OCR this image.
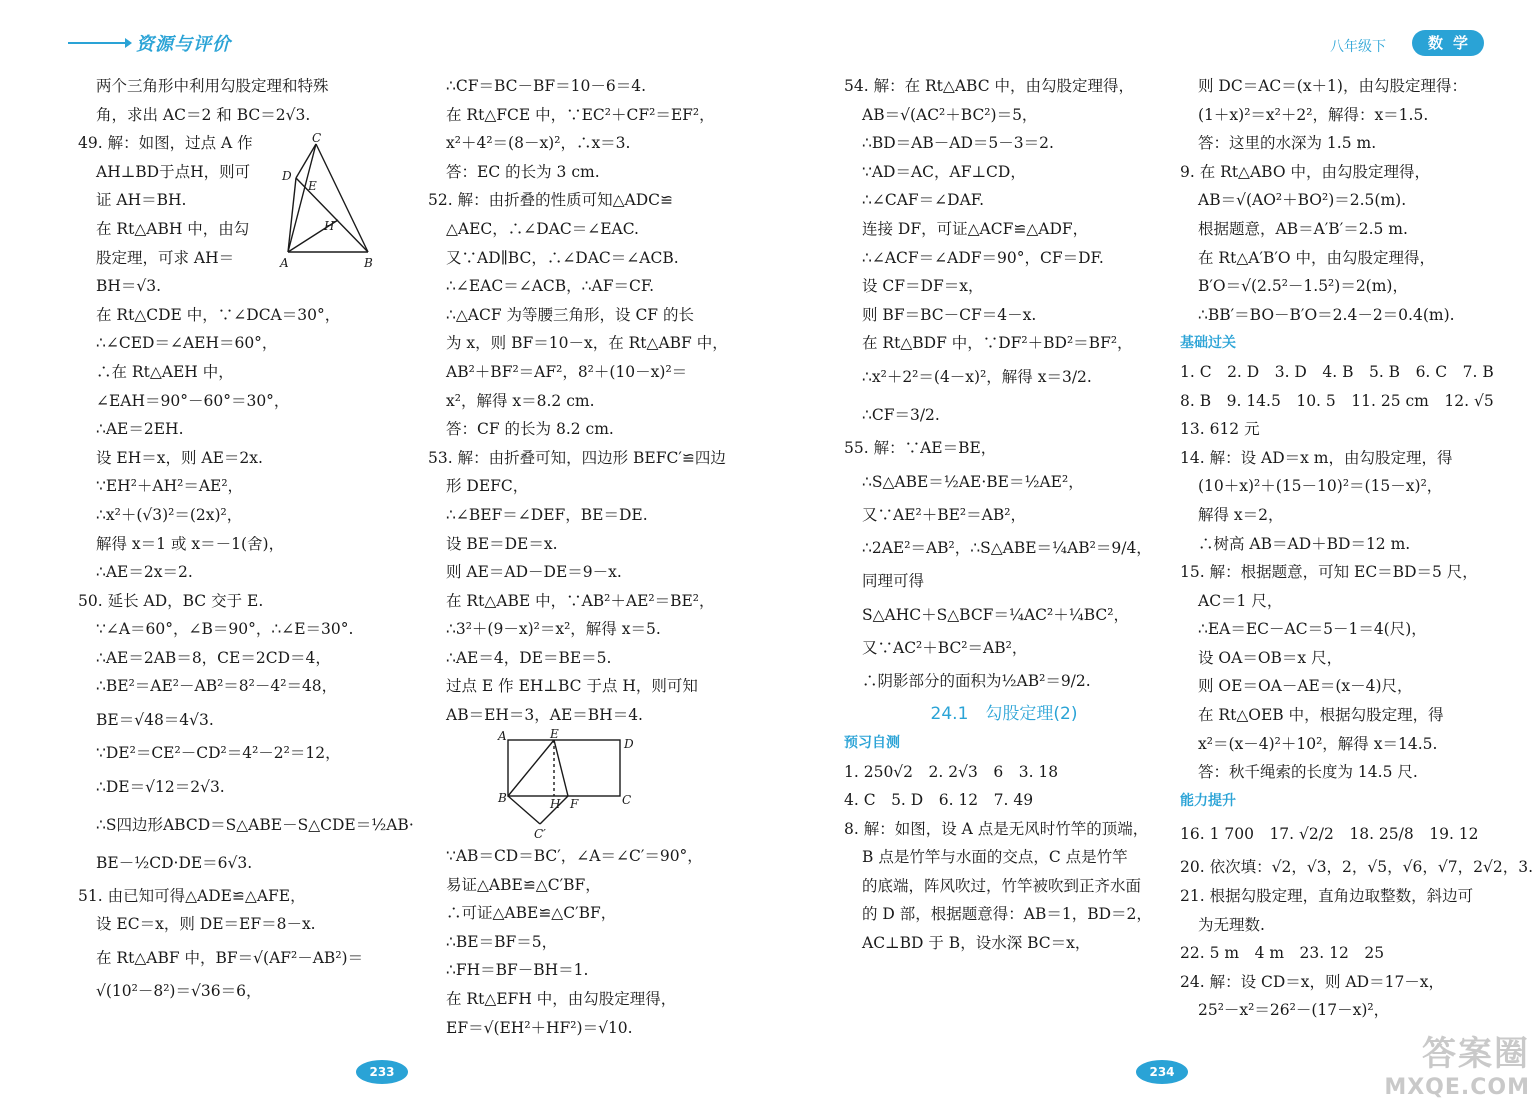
资源与评价
两个三角形中利用勾股定理和特殊
角，求出 AC＝2 和 BC＝2√3.
49. 解：如图，过点 A 作
AH⊥BD于点H，则可
证 AH＝BH.
在 Rt△ABH 中，由勾
股定理，可求 AH＝
BH＝√3.
在 Rt△CDE 中，∵∠DCA＝30°，
∴∠CED＝∠AEH＝60°，
∴在 Rt△AEH 中，
∠EAH＝90°－60°＝30°，
∴AE＝2EH.
设 EH＝x，则 AE＝2x.
∵EH²＋AH²＝AE²，
∴x²＋(√3)²＝(2x)²，
解得 x＝1 或 x＝－1(舍)，
∴AE＝2x＝2.
50. 延长 AD，BC 交于 E.
∵∠A＝60°，∠B＝90°，∴∠E＝30°.
∴AE＝2AB＝8，CE＝2CD＝4，
∴BE²＝AE²－AB²＝8²－4²＝48，
BE＝√48＝4√3.
∵DE²＝CE²－CD²＝4²－2²＝12，
∴DE＝√12＝2√3.
∴S四边形ABCD＝S△ABE－S△CDE＝½AB·
BE－½CD·DE＝6√3.
51. 由已知可得△ADE≌△AFE，
设 EC＝x，则 DE＝EF＝8－x.
在 Rt△ABF 中，BF＝√(AF²－AB²)＝
√(10²－8²)＝√36＝6，
A	B
C
D
E
H
∴CF＝BC－BF＝10－6＝4.
在 Rt△FCE 中，∵EC²＋CF²＝EF²，
x²＋4²＝(8－x)²，∴x＝3.
答：EC 的长为 3 cm.
52. 解：由折叠的性质可知△ADC≌
△AEC，∴∠DAC＝∠EAC.
又∵AD∥BC，∴∠DAC＝∠ACB.
∴∠EAC＝∠ACB，∴AF＝CF.
∴△ACF 为等腰三角形，设 CF 的长
为 x，则 BF＝10－x，在 Rt△ABF 中，
AB²＋BF²＝AF²，8²＋(10－x)²＝
x²，解得 x＝8.2 cm.
答：CF 的长为 8.2 cm.
53. 解：由折叠可知，四边形 BEFC′≌四边
形 DEFC，
∴∠BEF＝∠DEF，BE＝DE.
设 BE＝DE＝x.
则 AE＝AD－DE＝9－x.
在 Rt△ABE 中，∵AB²＋AE²＝BE²，
∴3²＋(9－x)²＝x²，解得 x＝5.
∴AE＝4，DE＝BE＝5.
过点 E 作 EH⊥BC 于点 H，则可知
AB＝EH＝3，AE＝BH＝4.
A	E
D
B	H F	C
C′
∵AB＝CD＝BC′，∠A＝∠C′＝90°，
易证△ABE≌△C′BF，
∴可证△ABE≌△C′BF，
∴BE＝BF＝5，
∴FH＝BF－BH＝1.
在 Rt△EFH 中，由勾股定理得，
EF＝√(EH²＋HF²)＝√10.
233
八年级下	数学
54. 解：在 Rt△ABC 中，由勾股定理得，
AB＝√(AC²＋BC²)＝5，
∴BD＝AB－AD＝5－3＝2.
∵AD＝AC，AF⊥CD，
∴∠CAF＝∠DAF.
连接 DF，可证△ACF≌△ADF，
∴∠ACF＝∠ADF＝90°，CF＝DF.
设 CF＝DF＝x，
则 BF＝BC－CF＝4－x.
在 Rt△BDF 中，∵DF²＋BD²＝BF²，
∴x²＋2²＝(4－x)²，解得 x＝3/2.
∴CF＝3/2.
55. 解：∵AE＝BE，
∴S△ABE＝½AE·BE＝½AE²，
又∵AE²＋BE²＝AB²，
∴2AE²＝AB²，∴S△ABE＝¼AB²＝9/4，
同理可得
S△AHC＋S△BCF＝¼AC²＋¼BC²，
又∵AC²＋BC²＝AB²，
∴阴影部分的面积为½AB²＝9/2.
24.1　勾股定理(2)
预习自测
1. 250√2　2. 2√3　6　3. 18
4. C　5. D　6. 12　7. 49
8. 解：如图，设 A 点是无风时竹竿的顶端，
B 点是竹竿与水面的交点，C 点是竹竿
的底端，阵风吹过，竹竿被吹到正齐水面
的 D 部，根据题意得：AB＝1，BD＝2，
AC⊥BD 于 B，设水深 BC＝x，
则 DC＝AC＝(x＋1)，由勾股定理得：
(1＋x)²＝x²＋2²，解得：x＝1.5.
答：这里的水深为 1.5 m.
9. 在 Rt△ABO 中，由勾股定理得，
AB＝√(AO²＋BO²)＝2.5(m).
根据题意，AB＝A′B′＝2.5 m.
在 Rt△A′B′O 中，由勾股定理得，
B′O＝√(2.5²－1.5²)＝2(m)，
∴BB′＝BO－B′O＝2.4－2＝0.4(m).
基础过关
1. C　2. D　3. D　4. B　5. B　6. C　7. B
8. B　9. 14.5　10. 5　11. 25 cm　12. √5
13. 612 元
14. 解：设 AD＝x m，由勾股定理，得
(10＋x)²＋(15－10)²＝(15－x)²，
解得 x＝2，
∴树高 AB＝AD＋BD＝12 m.
15. 解：根据题意，可知 EC＝BD＝5 尺，
AC＝1 尺，
∴EA＝EC－AC＝5－1＝4(尺)，
设 OA＝OB＝x 尺，
则 OE＝OA－AE＝(x－4)尺，
在 Rt△OEB 中，根据勾股定理，得
x²＝(x－4)²＋10²，解得 x＝14.5.
答：秋千绳索的长度为 14.5 尺.
能力提升
16. 1 700　17. √2/2　18. 25/8　19. 12
20. 依次填：√2，√3，2，√5，√6，√7，2√2，3.
21. 根据勾股定理，直角边取整数，斜边可
为无理数.
22. 5 m　4 m　23. 12　25
24. 解：设 CD＝x，则 AD＝17－x，
25²－x²＝26²－(17－x)²，
234	答案圈
MXQE.COM
